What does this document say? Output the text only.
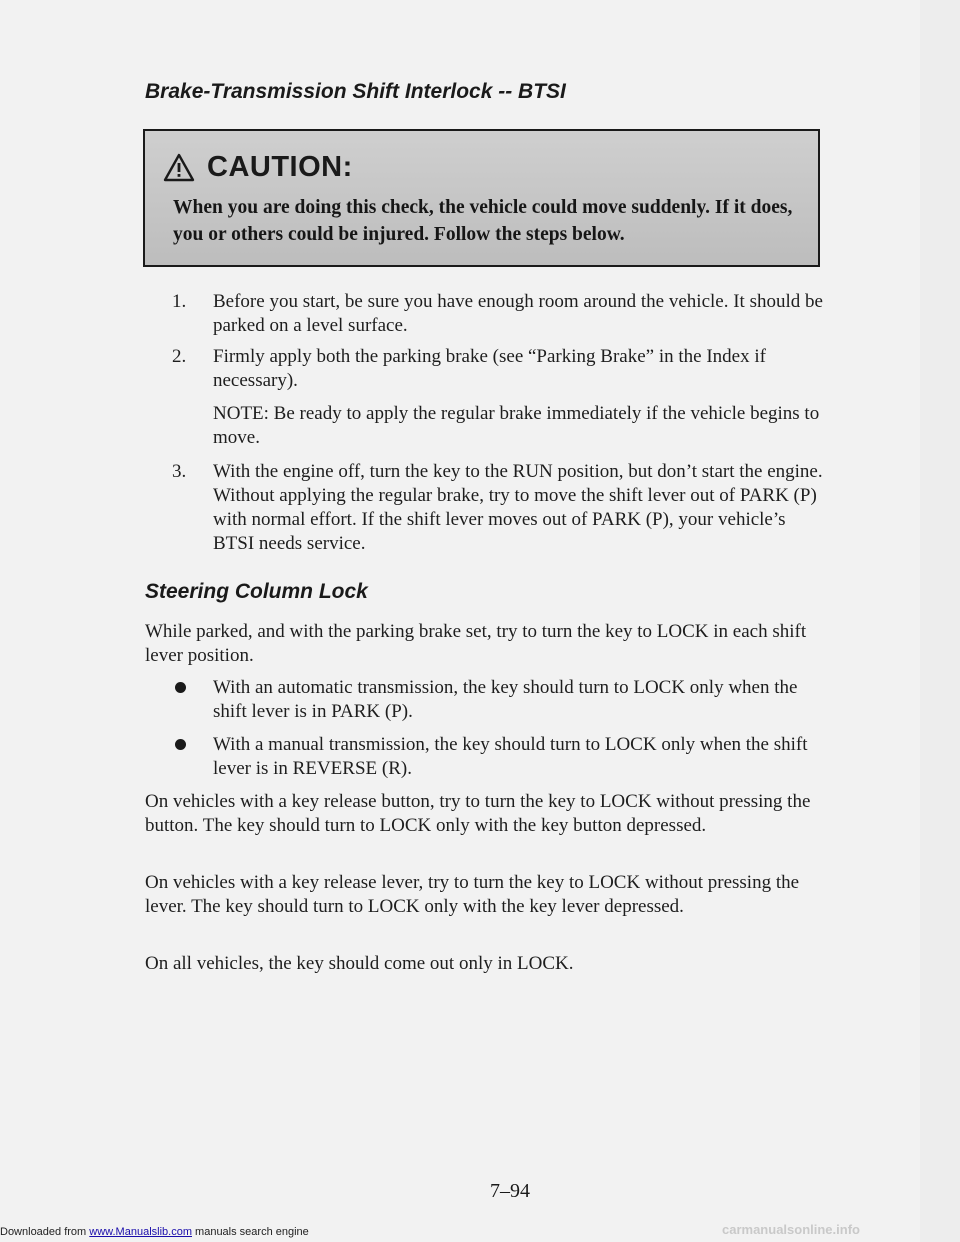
Brake-Transmission Shift Interlock -- BTSI
CAUTION:
When you are doing this check, the vehicle could move suddenly. If it does, you or others could be injured. Follow the steps below.
1. Before you start, be sure you have enough room around the vehicle. It should be parked on a level surface.
2. Firmly apply both the parking brake (see “Parking Brake” in the Index if necessary).
NOTE: Be ready to apply the regular brake immediately if the vehicle begins to move.
3. With the engine off, turn the key to the RUN position, but don’t start the engine. Without applying the regular brake, try to move the shift lever out of PARK (P) with normal effort. If the shift lever moves out of PARK (P), your vehicle’s BTSI needs service.
Steering Column Lock
While parked, and with the parking brake set, try to turn the key to LOCK in each shift lever position.
With an automatic transmission, the key should turn to LOCK only when the shift lever is in PARK (P).
With a manual transmission, the key should turn to LOCK only when the shift lever is in REVERSE (R).
On vehicles with a key release button, try to turn the key to LOCK without pressing the button. The key should turn to LOCK only with the key button depressed.
On vehicles with a key release lever, try to turn the key to LOCK without pressing the lever. The key should turn to LOCK only with the key lever depressed.
On all vehicles, the key should come out only in LOCK.
7–94
Downloaded from www.Manualslib.com manuals search engine	carmanualsonline.info
